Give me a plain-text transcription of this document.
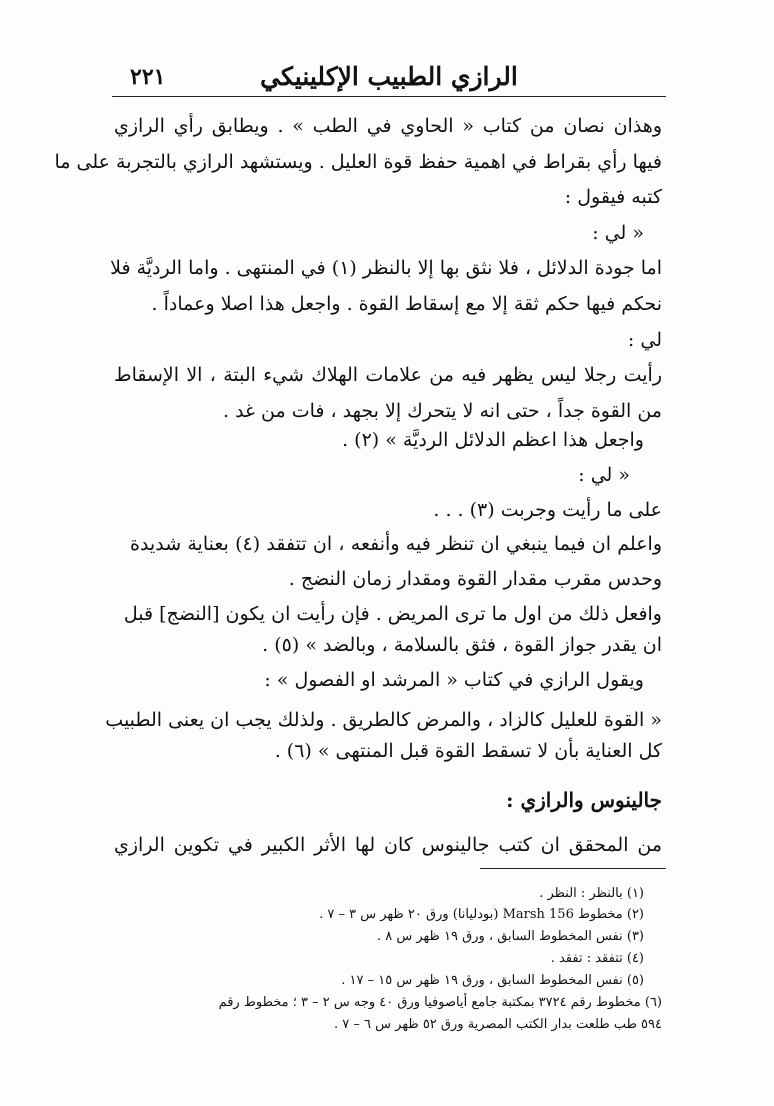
الرازي الطبيب الإكلينيكي
٢٢١
وهذان نصان من كتاب « الحاوي في الطب » . ويطابق رأي الرازي
فيها رأي بقراط في اهمية حفظ قوة العليل . ويستشهد الرازي بالتجربة على ما
كتبه فيقول :
« لي :
اما جودة الدلائل ، فلا نثق بها إلا بالنظر (١) في المنتهى . واما الرديَّة فلا
نحكم فيها حكم ثقة إلا مع إسقاط القوة . واجعل هذا اصلا وعماداً .
لي :
رأيت رجلا ليس يظهر فيه من علامات الهلاك شيء البتة ، الا الإسقاط
من القوة جداً ، حتى انه لا يتحرك إلا بجهد ، فات من غد .
واجعل هذا اعظم الدلائل الرديَّة » (٢) .
« لي :
على ما رأيت وجربت (٣) . . .
واعلم ان فيما ينبغي ان تنظر فيه وأنفعه ، ان تتفقد (٤) بعناية شديدة
وحدس مقرب مقدار القوة ومقدار زمان النضج .
وافعل ذلك من اول ما ترى المريض . فإن رأيت ان يكون [النضج] قبل
ان يقدر جواز القوة ، فثق بالسلامة ، وبالضد » (٥) .
ويقول الرازي في كتاب « المرشد او الفصول » :
« القوة للعليل كالزاد ، والمرض كالطريق . ولذلك يجب ان يعنى الطبيب
كل العناية بأن لا تسقط القوة قبل المنتهى » (٦) .
جالينوس والرازي :
من المحقق ان كتب جالينوس كان لها الأثر الكبير في تكوين الرازي
(١) بالنظر : النظر .
(٢) مخطوط Marsh 156 (بودليانا) ورق ٢٠ ظهر س ٣ – ٧ .
(٣) نفس المخطوط السابق ، ورق ١٩ ظهر س ٨ .
(٤) تتفقد : تفقد .
(٥) نفس المخطوط السابق ، ورق ١٩ ظهر س ١٥ – ١٧ .
(٦) مخطوط رقم ٣٧٢٤ بمكتبة جامع أياصوفيا ورق ٤٠ وجه س ٢ – ٣ ؛ مخطوط رقم
٥٩٤ طب طلعت بدار الكتب المصرية ورق ٥٢ ظهر س ٦ – ٧ .
